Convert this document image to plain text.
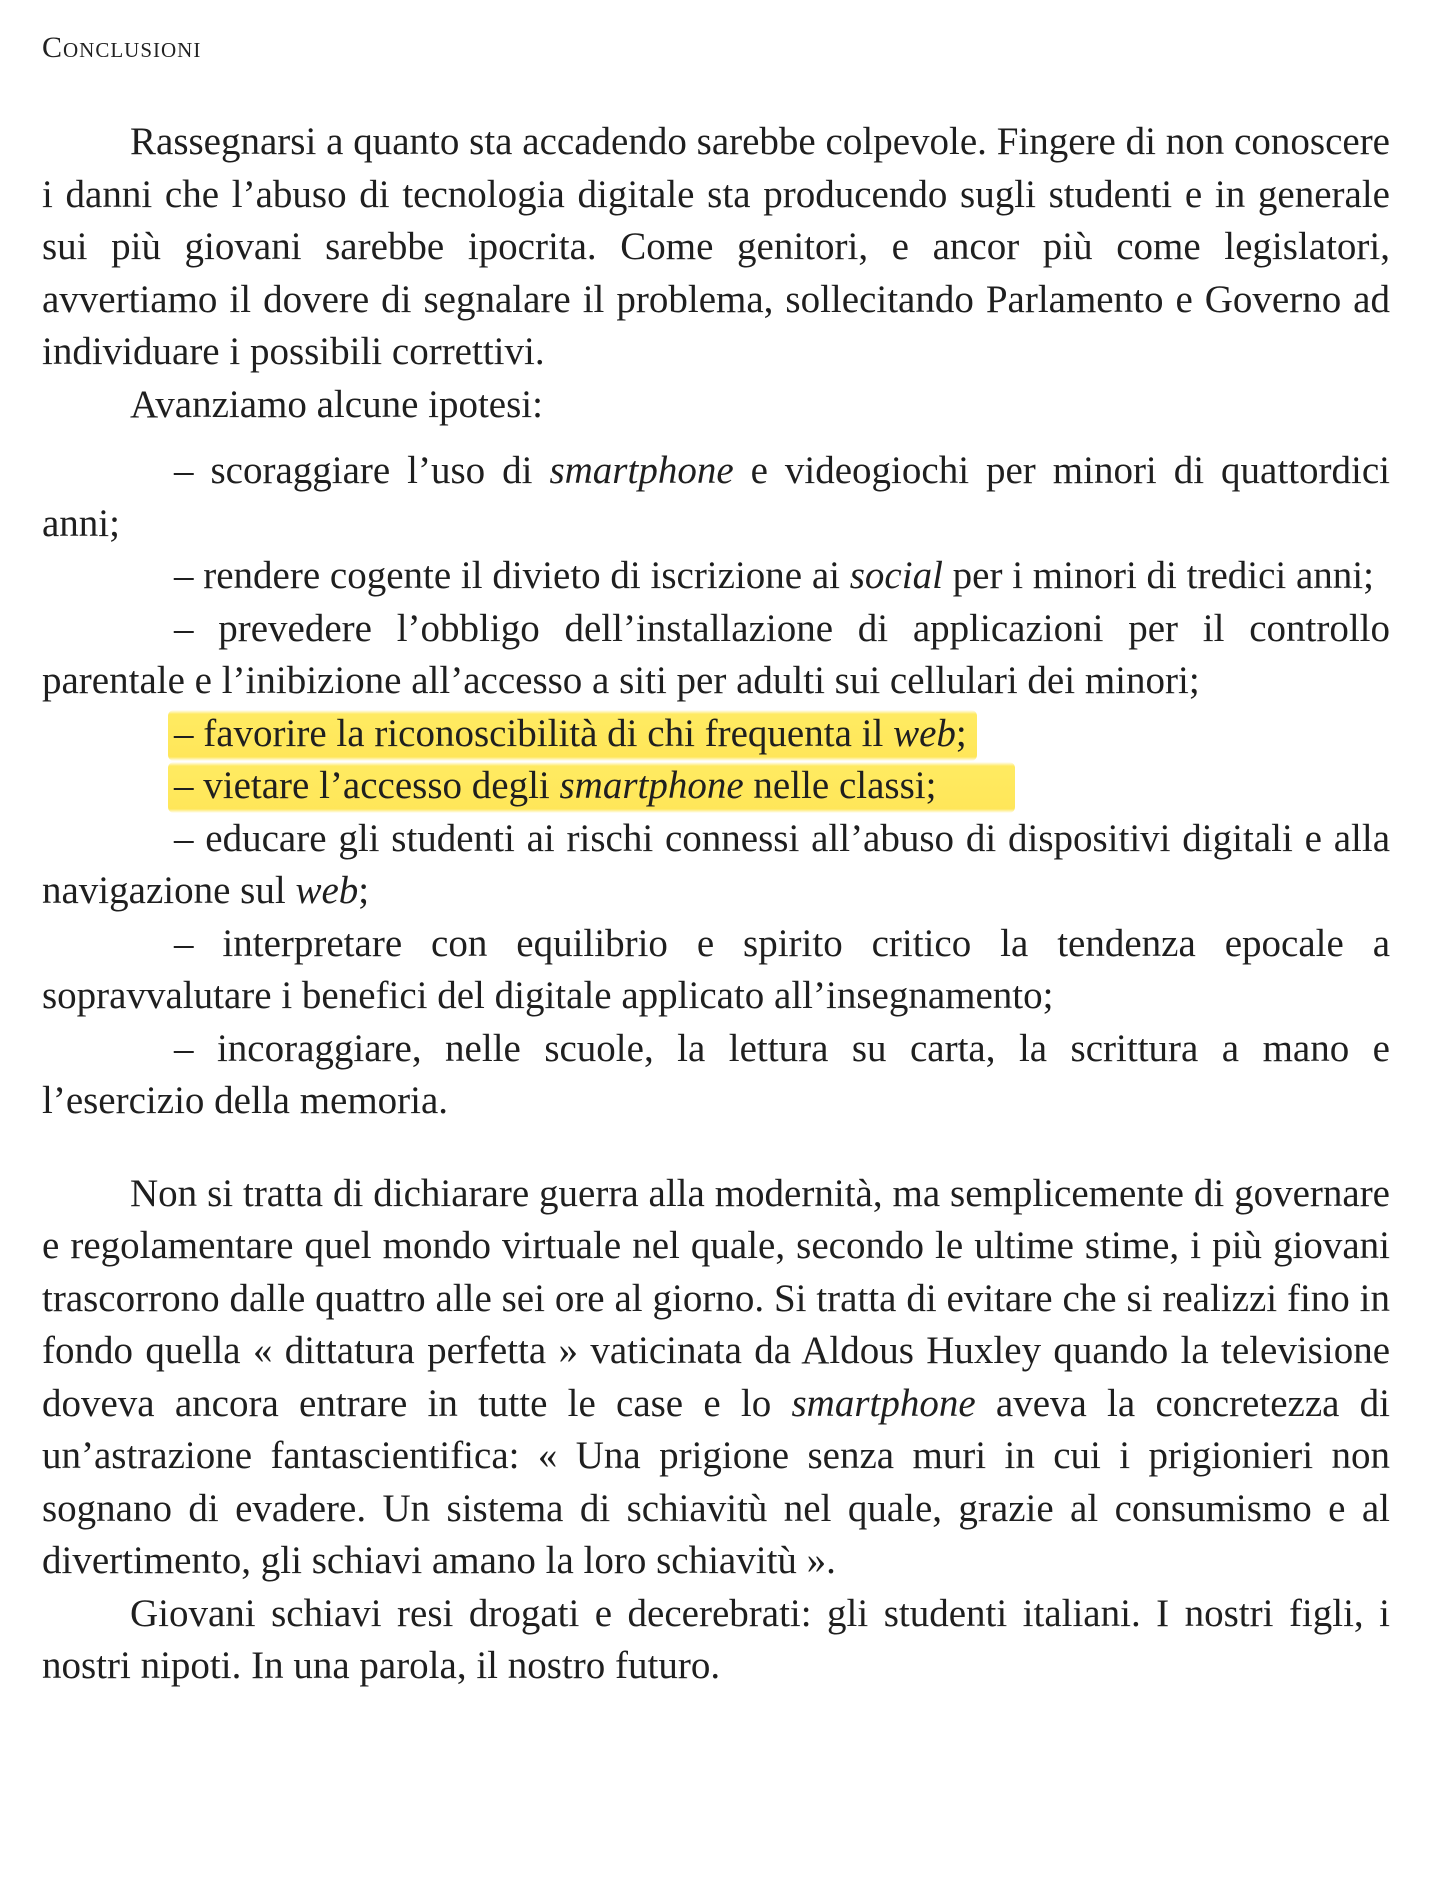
Conclusioni

Rassegnarsi a quanto sta accadendo sarebbe colpevole. Fingere di non conoscere i danni che l’abuso di tecnologia digitale sta producendo sugli studenti e in generale sui più giovani sarebbe ipocrita. Come genitori, e ancor più come legislatori, avvertiamo il dovere di segnalare il problema, sollecitando Parlamento e Governo ad individuare i possibili correttivi.

Avanziamo alcune ipotesi:

– scoraggiare l’uso di smartphone e videogiochi per minori di quattordici anni;

– rendere cogente il divieto di iscrizione ai social per i minori di tredici anni;

– prevedere l’obbligo dell’installazione di applicazioni per il controllo parentale e l’inibizione all’accesso a siti per adulti sui cellulari dei minori;

– favorire la riconoscibilità di chi frequenta il web;

– vietare l’accesso degli smartphone nelle classi;

– educare gli studenti ai rischi connessi all’abuso di dispositivi digitali e alla navigazione sul web;

– interpretare con equilibrio e spirito critico la tendenza epocale a sopravvalutare i benefici del digitale applicato all’insegnamento;

– incoraggiare, nelle scuole, la lettura su carta, la scrittura a mano e l’esercizio della memoria.

Non si tratta di dichiarare guerra alla modernità, ma semplicemente di governare e regolamentare quel mondo virtuale nel quale, secondo le ultime stime, i più giovani trascorrono dalle quattro alle sei ore al giorno. Si tratta di evitare che si realizzi fino in fondo quella « dittatura perfetta » vaticinata da Aldous Huxley quando la televisione doveva ancora entrare in tutte le case e lo smartphone aveva la concretezza di un’astrazione fantascientifica: « Una prigione senza muri in cui i prigionieri non sognano di evadere. Un sistema di schiavitù nel quale, grazie al consumismo e al divertimento, gli schiavi amano la loro schiavitù ».

Giovani schiavi resi drogati e decerebrati: gli studenti italiani. I nostri figli, i nostri nipoti. In una parola, il nostro futuro.
